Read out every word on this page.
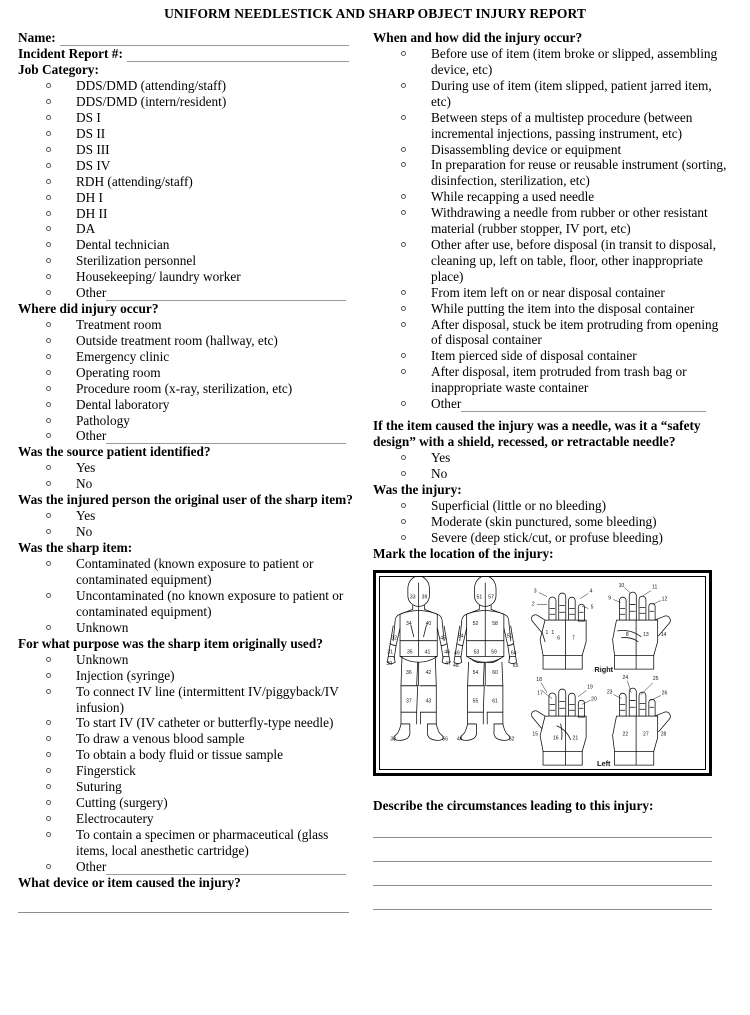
UNIFORM NEEDLESTICK AND SHARP OBJECT INJURY REPORT
Name:
Incident Report #:
Job Category:
DDS/DMD (attending/staff)
DDS/DMD (intern/resident)
DS I
DS II
DS III
DS IV
RDH (attending/staff)
DH I
DH II
DA
Dental technician
Sterilization personnel
Housekeeping/ laundry worker
Other
Where did injury occur?
Treatment room
Outside treatment room (hallway, etc)
Emergency clinic
Operating room
Procedure room (x-ray, sterilization, etc)
Dental laboratory
Pathology
Other
Was the source patient identified?
Yes
No
Was the injured person the original user of the sharp item?
Yes
No
Was the sharp item:
Contaminated (known exposure to patient or contaminated equipment)
Uncontaminated (no known exposure to patient or contaminated equipment)
Unknown
For what purpose was the sharp item originally used?
Unknown
Injection (syringe)
To connect IV line (intermittent IV/piggyback/IV infusion)
To start IV (IV catheter or butterfly-type needle)
To draw a venous blood sample
To obtain a body fluid or tissue sample
Fingerstick
Suturing
Cutting (surgery)
Electrocautery
To contain a specimen or pharmaceutical (glass items, local anesthetic cartridge)
Other
What device or item caused the injury?
When and how did the injury occur?
Before use of item (item broke or slipped, assembling device, etc)
During use of item (item slipped, patient jarred item, etc)
Between steps of a multistep procedure (between incremental injections, passing instrument, etc)
Disassembling device or equipment
In preparation for reuse or reusable instrument (sorting, disinfection, sterilization, etc)
While recapping a used needle
Withdrawing a needle from rubber or other resistant material (rubber stopper, IV port, etc)
Other after use, before disposal (in transit to disposal, cleaning up, left on table, floor, other inappropriate place)
From item left on or near disposal container
While putting the item into the disposal container
After disposal, stuck be item protruding from opening of disposal container
Item pierced side of disposal container
After disposal, item protruded from trash bag or inappropriate waste container
Other
If the item caused the injury was a needle, was it a “safety design” with a shield, recessed, or retractable needle?
Yes
No
Was the injury:
Superficial (little or no bleeding)
Moderate (skin punctured, some bleeding)
Severe (deep stick/cut, or profuse bleeding)
Mark the location of the injury:
33 39
34	40
32
31
30
35 41
45
46
47
36	42
37	43
38	56
51 57
52	58
54
49
48
53 59
50
64
65
54	60
55	61
44	62
1
6 7
3	4
5
2
1	8	13 14
10	11
12
9
Right
15
16	21
18
17
19
20
22	27 28
23
24	25
26
Left
Describe the circumstances leading to this injury:
